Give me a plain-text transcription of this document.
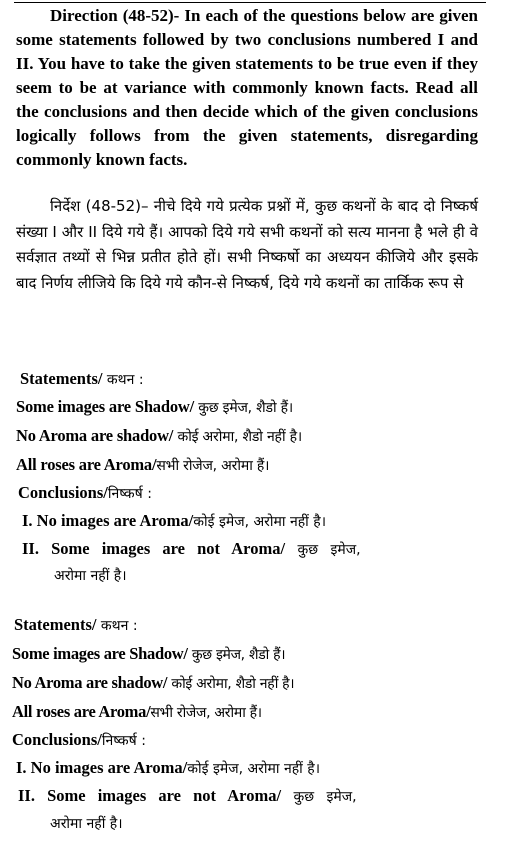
Direction (48-52)- In each of the questions below are given some statements followed by two conclusions numbered I and II. You have to take the given statements to be true even if they seem to be at variance with commonly known facts. Read all the conclusions and then decide which of the given conclusions logically follows from the given statements, disregarding commonly known facts.

निर्देश (48-52)– नीचे दिये गये प्रत्येक प्रश्नों में, कुछ कथनों के बाद दो निष्कर्ष संख्या I और II दिये गये हैं। आपको दिये गये सभी कथनों को सत्य मानना है भले ही वे सर्वज्ञात तथ्यों से भिन्न प्रतीत होते हों। सभी निष्कर्षो का अध्ययन कीजिये और इसके बाद निर्णय लीजिये कि दिये गये कौन-से निष्कर्ष, दिये गये कथनों का तार्किक रूप से

Statements/ कथन :
Some images are Shadow/ कुछ इमेज, शैडो हैं।
No Aroma are shadow/ कोई अरोमा, शैडो नहीं है।
All roses are Aroma/सभी रोजेज, अरोमा हैं।
Conclusions/निष्कर्ष :
I. No images are Aroma/कोई इमेज, अरोमा नहीं है।
II. Some images are not Aroma/ कुछ इमेज,
अरोमा नहीं है।
Statements/ कथन :
Some images are Shadow/ कुछ इमेज, शैडो हैं।
No Aroma are shadow/ कोई अरोमा, शैडो नहीं है।
All roses are Aroma/सभी रोजेज, अरोमा हैं।
Conclusions/निष्कर्ष :
I. No images are Aroma/कोई इमेज, अरोमा नहीं है।
II. Some images are not Aroma/ कुछ इमेज,
अरोमा नहीं है।
